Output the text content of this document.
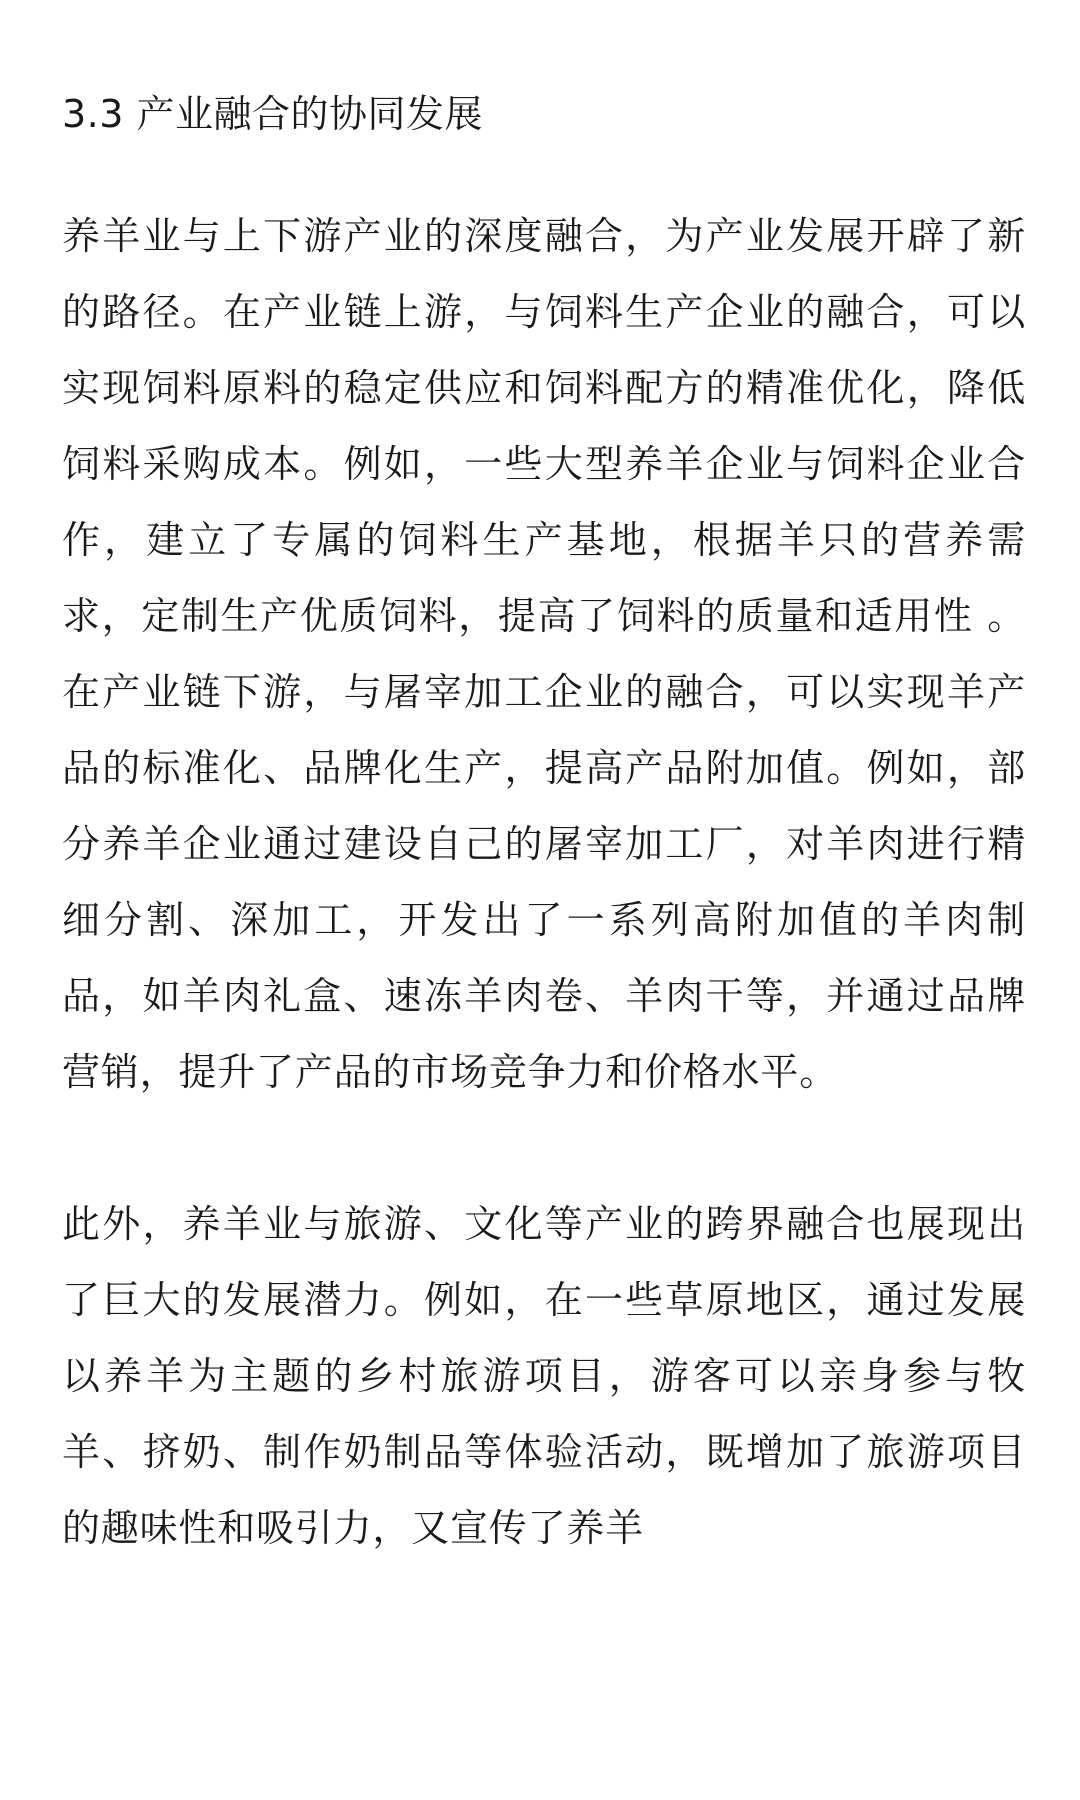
3.3 产业融合的协同发展

养羊业与上下游产业的深度融合，为产业发展开辟了新的路径。在产业链上游，与饲料生产企业的融合，可以实现饲料原料的稳定供应和饲料配方的精准优化，降低饲料采购成本。例如，一些大型养羊企业与饲料企业合作，建立了专属的饲料生产基地，根据羊只的营养需求，定制生产优质饲料，提高了饲料的质量和适用性 。在产业链下游，与屠宰加工企业的融合，可以实现羊产品的标准化、品牌化生产，提高产品附加值。例如，部分养羊企业通过建设自己的屠宰加工厂，对羊肉进行精细分割、深加工，开发出了一系列高附加值的羊肉制品，如羊肉礼盒、速冻羊肉卷、羊肉干等，并通过品牌营销，提升了产品的市场竞争力和价格水平。

此外，养羊业与旅游、文化等产业的跨界融合也展现出了巨大的发展潜力。例如，在一些草原地区，通过发展以养羊为主题的乡村旅游项目，游客可以亲身参与牧羊、挤奶、制作奶制品等体验活动，既增加了旅游项目的趣味性和吸引力，又宣传了养羊
